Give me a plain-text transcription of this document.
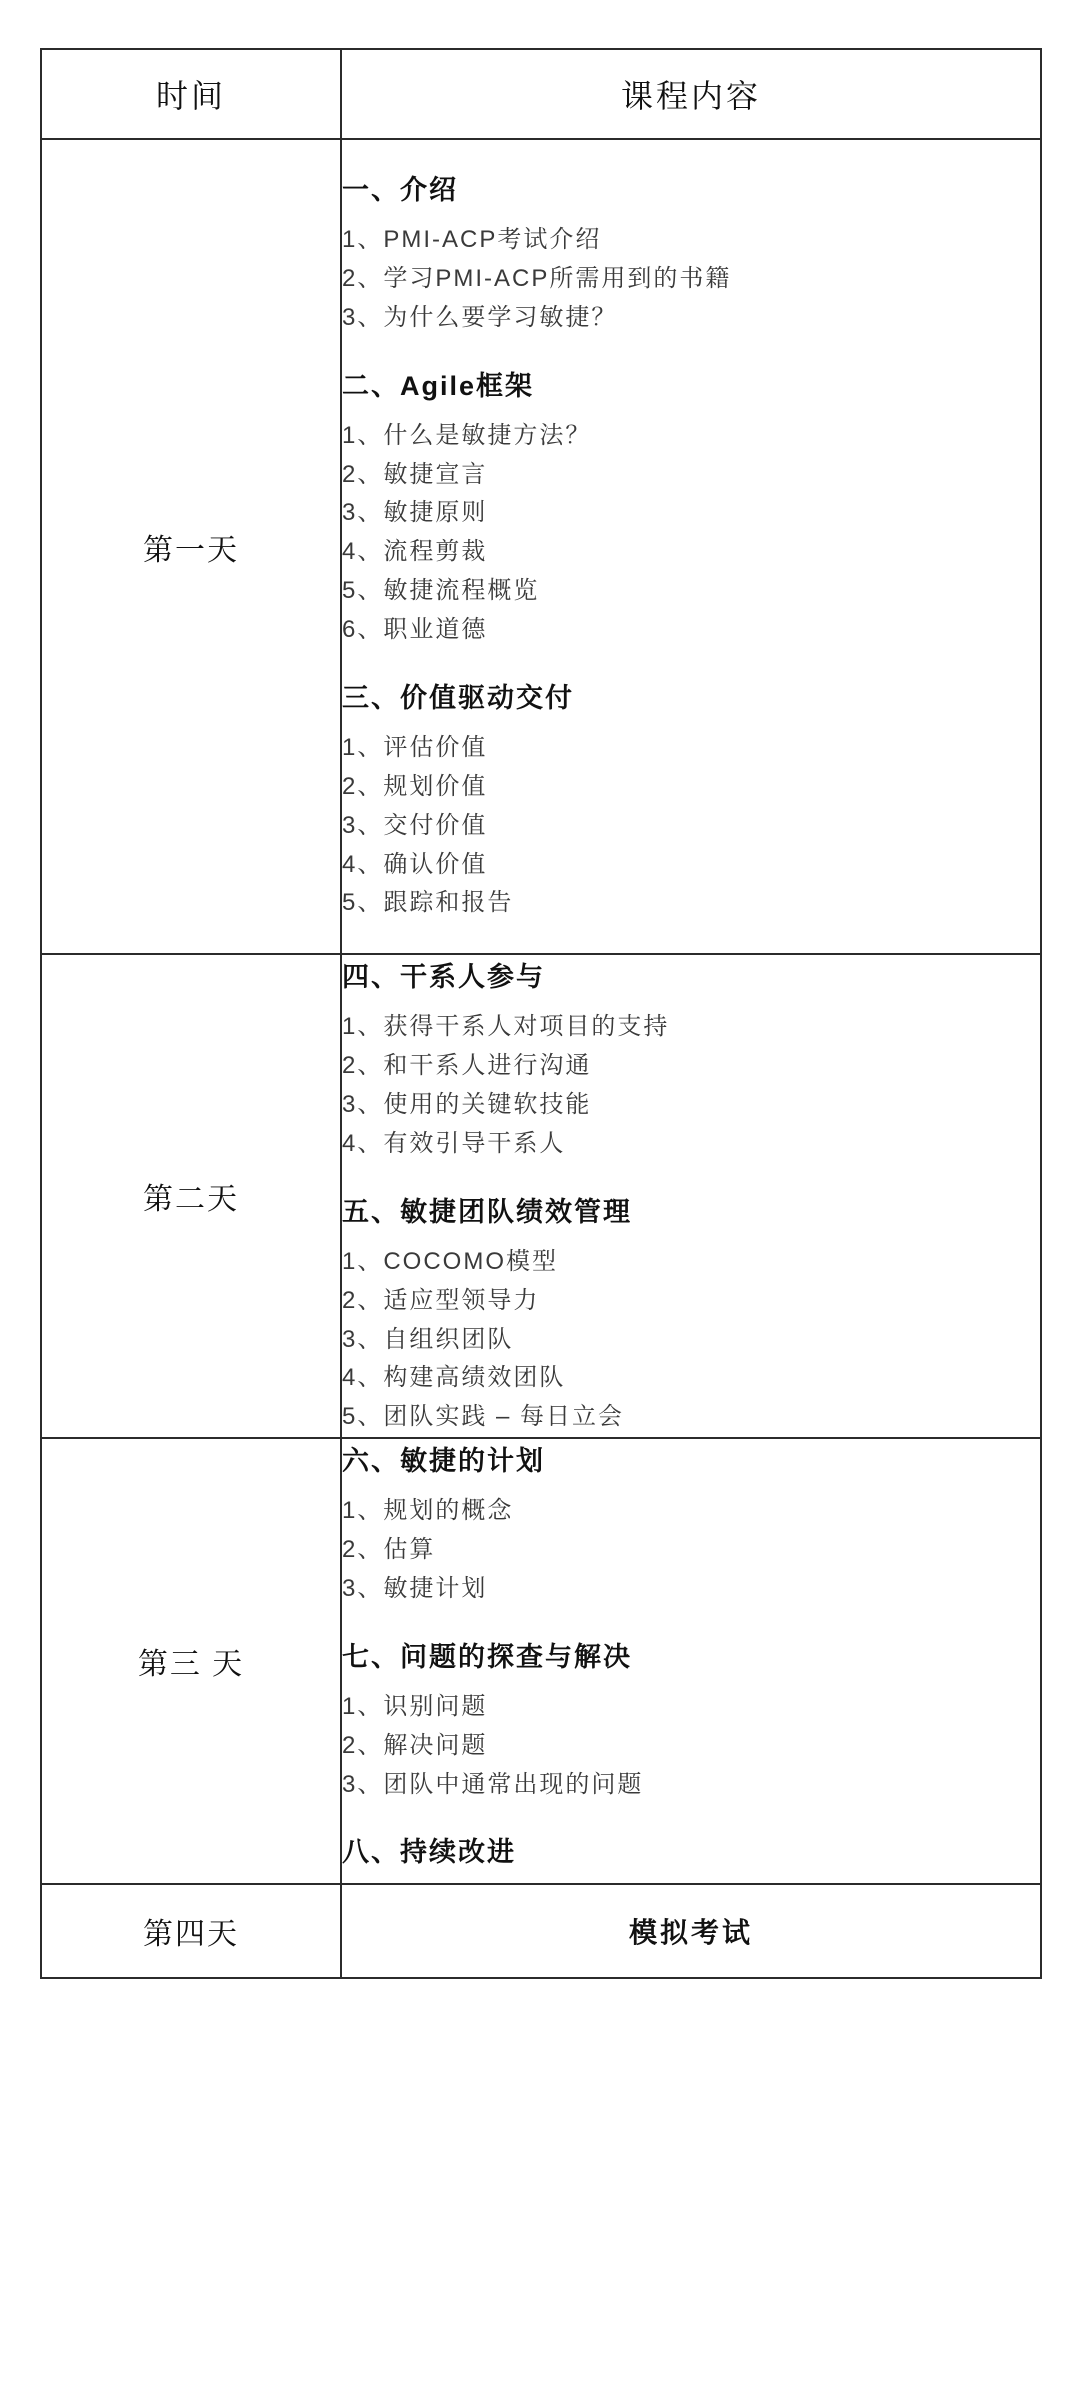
时间	课程内容
第一天	
一、介绍
1、PMI-ACP考试介绍
2、学习PMI-ACP所需用到的书籍
3、为什么要学习敏捷？
二、Agile框架
1、什么是敏捷方法？
2、敏捷宣言
3、敏捷原则
4、流程剪裁
5、敏捷流程概览
6、职业道德
三、价值驱动交付
1、评估价值
2、规划价值
3、交付价值
4、确认价值
5、跟踪和报告

第二天	
四、干系人参与
1、获得干系人对项目的支持
2、和干系人进行沟通
3、使用的关键软技能
4、有效引导干系人
五、敏捷团队绩效管理
1、COCOMO模型
2、适应型领导力
3、自组织团队
4、构建高绩效团队
5、团队实践 – 每日立会

第三 天	
六、敏捷的计划
1、规划的概念
2、估算
3、敏捷计划
七、问题的探查与解决
1、识别问题
2、解决问题
3、团队中通常出现的问题
八、持续改进

第四天	模拟考试
